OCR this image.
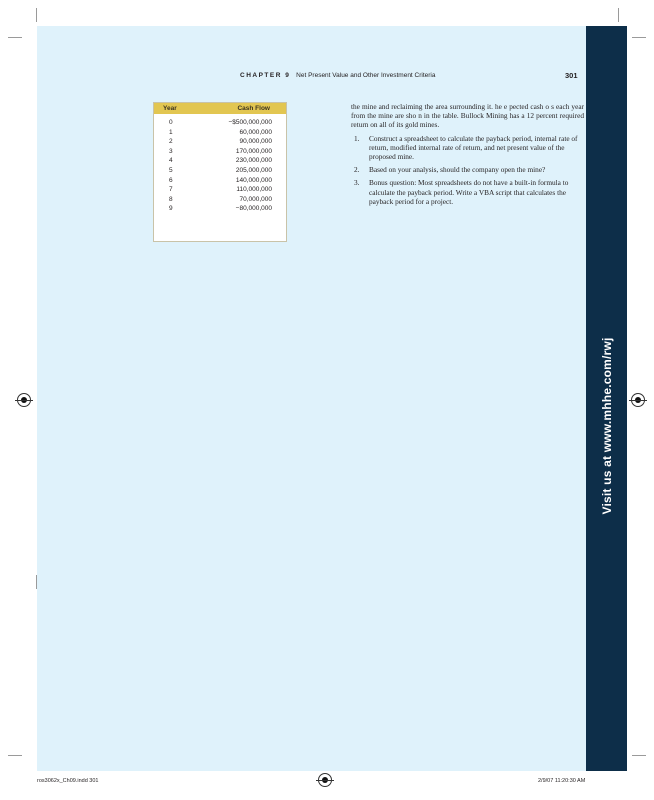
Visit us at www.mhhe.com/rwj
CHAPTER 9 Net Present Value and Other Investment Criteria	301
Year	Cash Flow
0	−$500,000,000
1	60,000,000
2	90,000,000
3	170,000,000
4	230,000,000
5	205,000,000
6	140,000,000
7	110,000,000
8	70,000,000
9	−80,000,000

the mine and reclaiming the area surrounding it. he e pected cash o s each year from the mine are sho n in the table. Bullock Mining has a 12 percent required return on all of its gold mines.

1. Construct a spreadsheet to calculate the payback period, internal rate of return, modified internal rate of return, and net present value of the proposed mine.
2. Based on your analysis, should the company open the mine?
3. Bonus question: Most spreadsheets do not have a built-in formula to calculate the payback period. Write a VBA script that calculates the payback period for a project.
ros3062x_Ch09.indd 301	2/9/07 11:20:30 AM
